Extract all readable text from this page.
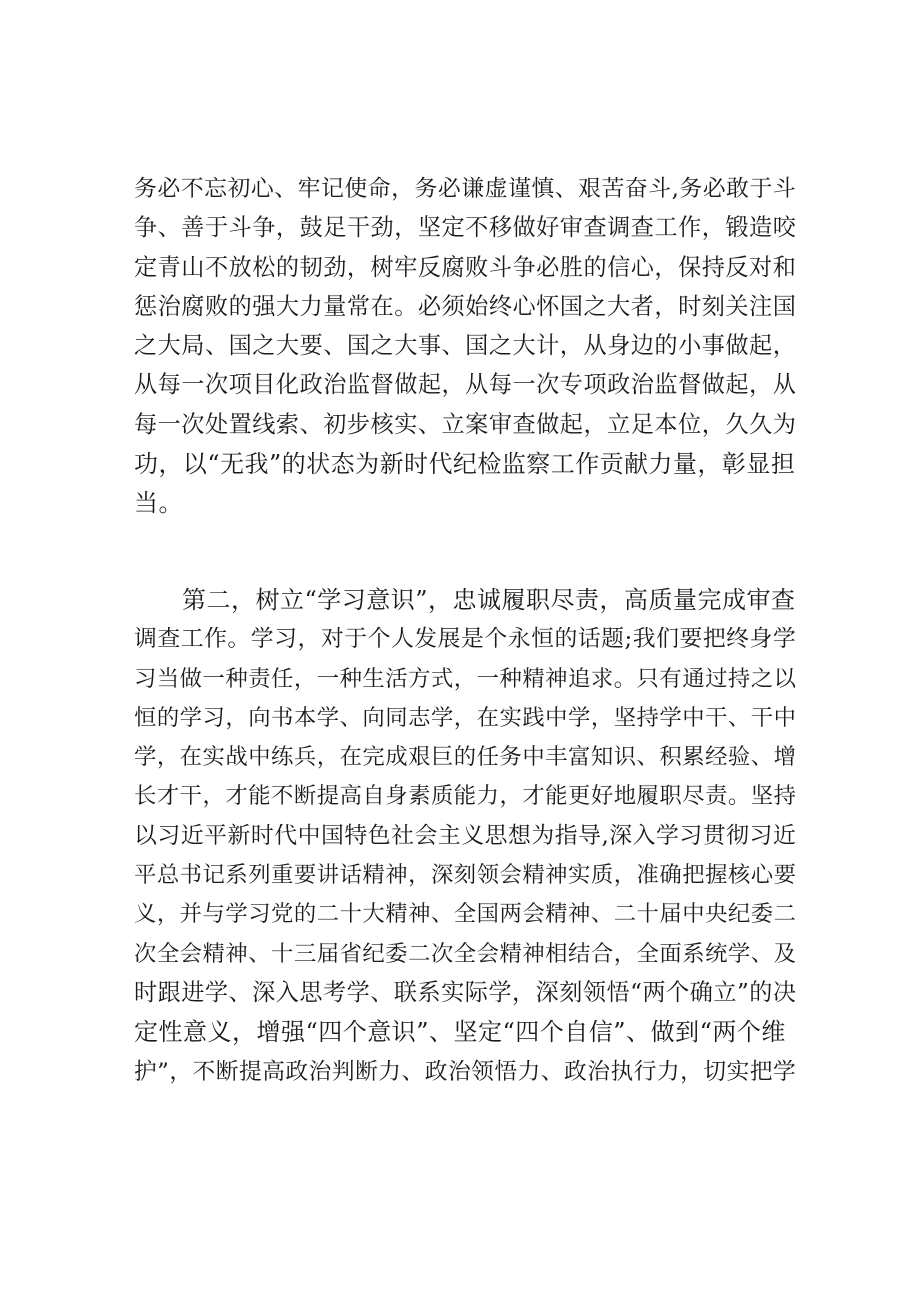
务必不忘初心、牢记使命，务必谦虚谨慎、艰苦奋斗,务必敢于斗
争、善于斗争，鼓足干劲，坚定不移做好审查调查工作，锻造咬
定青山不放松的韧劲，树牢反腐败斗争必胜的信心，保持反对和
惩治腐败的强大力量常在。必须始终心怀国之大者，时刻关注国
之大局、国之大要、国之大事、国之大计，从身边的小事做起，
从每一次项目化政治监督做起，从每一次专项政治监督做起，从
每一次处置线索、初步核实、立案审查做起，立足本位，久久为
功，以“无我”的状态为新时代纪检监察工作贡献力量，彰显担
当。
第二，树立“学习意识”，忠诚履职尽责，高质量完成审查
调查工作。学习，对于个人发展是个永恒的话题;我们要把终身学
习当做一种责任，一种生活方式，一种精神追求。只有通过持之以
恒的学习，向书本学、向同志学，在实践中学，坚持学中干、干中
学，在实战中练兵，在完成艰巨的任务中丰富知识、积累经验、增
长才干，才能不断提高自身素质能力，才能更好地履职尽责。坚持
以习近平新时代中国特色社会主义思想为指导,深入学习贯彻习近
平总书记系列重要讲话精神，深刻领会精神实质，准确把握核心要
义，并与学习党的二十大精神、全国两会精神、二十届中央纪委二
次全会精神、十三届省纪委二次全会精神相结合，全面系统学、及
时跟进学、深入思考学、联系实际学，深刻领悟“两个确立”的决
定性意义，增强“四个意识”、坚定“四个自信”、做到“两个维
护”，不断提高政治判断力、政治领悟力、政治执行力，切实把学
